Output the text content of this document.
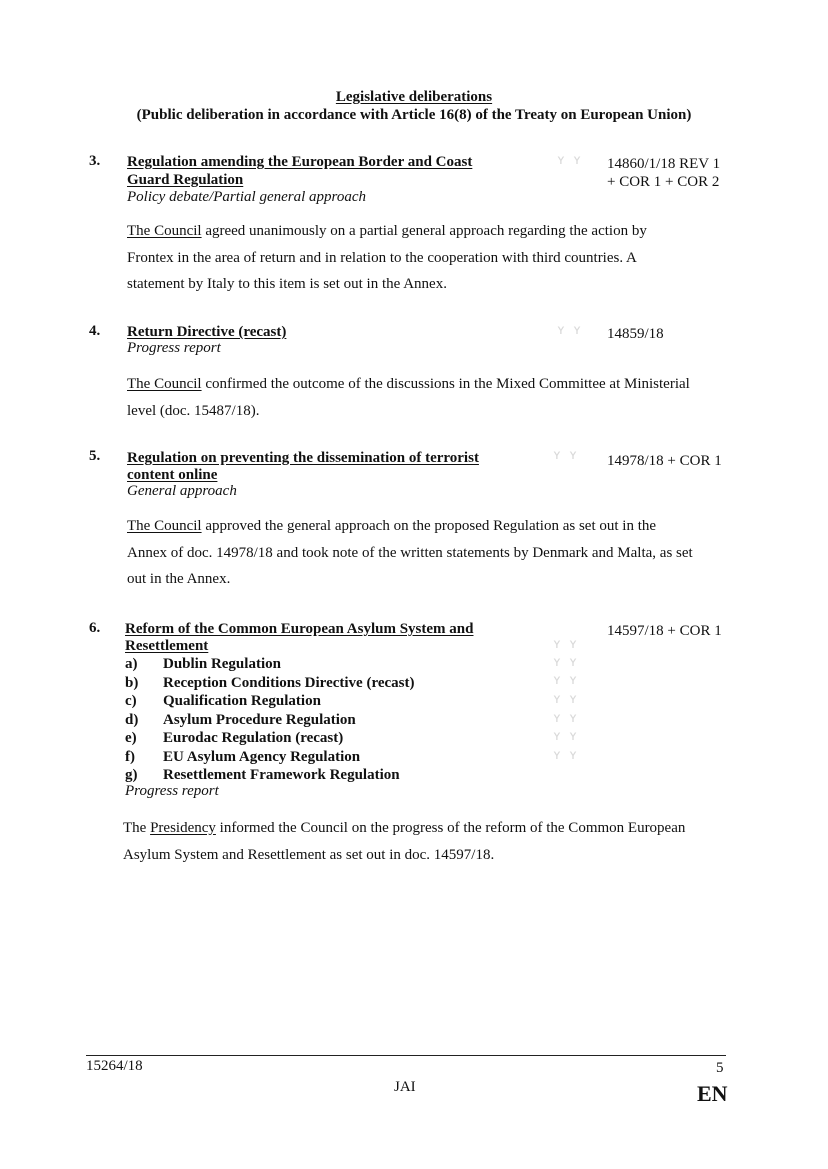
Legislative deliberations
(Public deliberation in accordance with Article 16(8) of the Treaty on European Union)
3. Regulation amending the European Border and Coast
Guard Regulation
Policy debate/Partial general approach
ʏ ʏ 14860/1/18 REV 1
+ COR 1 + COR 2
The Council agreed unanimously on a partial general approach regarding the action by
Frontex in the area of return and in relation to the cooperation with third countries. A
statement by Italy to this item is set out in the Annex.
4. Return Directive (recast)
Progress report
ʏ ʏ 14859/18
The Council confirmed the outcome of the discussions in the Mixed Committee at Ministerial
level (doc. 15487/18).
5. Regulation on preventing the dissemination of terrorist
content online
General approach
ʏ ʏ 14978/18 + COR 1
The Council approved the general approach on the proposed Regulation as set out in the
Annex of doc. 14978/18 and took note of the written statements by Denmark and Malta, as set
out in the Annex.
6. Reform of the Common European Asylum System and
Resettlement
14597/18 + COR 1
a) Dublin Regulation
b) Reception Conditions Directive (recast)
c) Qualification Regulation
d) Asylum Procedure Regulation
e) Eurodac Regulation (recast)
f) EU Asylum Agency Regulation
g) Resettlement Framework Regulation
ʏ ʏ
ʏ ʏ
ʏ ʏ
ʏ ʏ
ʏ ʏ
ʏ ʏ
ʏ ʏ
Progress report
The Presidency informed the Council on the progress of the reform of the Common European
Asylum System and Resettlement as set out in doc. 14597/18.
15264/18	5
JAI	EN
